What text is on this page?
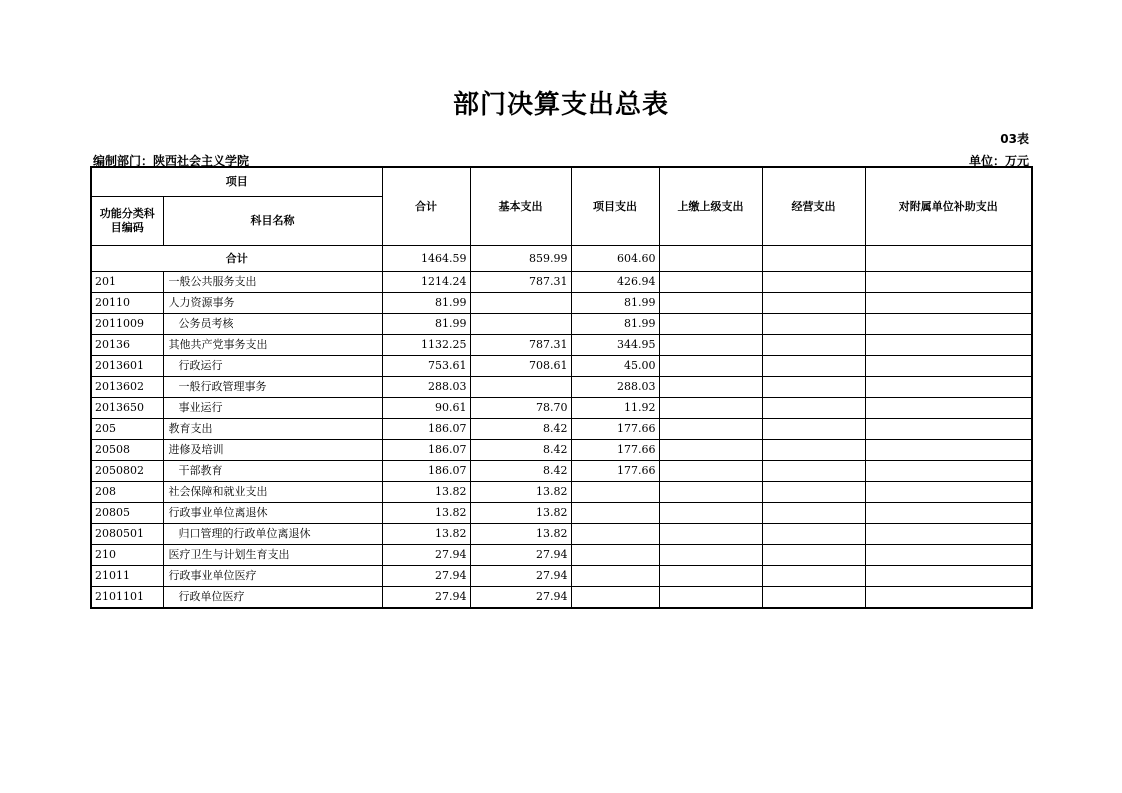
部门决算支出总表
03表
编制部门：陕西社会主义学院	单位：万元
项目		合计	基本支出	项目支出	上缴上级支出	经营支出	对附属单位补助支出
功能分类科目编码	科目名称						
合计		1464.59	859.99	604.60			
201	一般公共服务支出	1214.24	787.31	426.94			
20110	人力资源事务	81.99		81.99			
2011009	公务员考核	81.99		81.99			
20136	其他共产党事务支出	1132.25	787.31	344.95			
2013601	行政运行	753.61	708.61	45.00			
2013602	一般行政管理事务	288.03		288.03			
2013650	事业运行	90.61	78.70	11.92			
205	教育支出	186.07	8.42	177.66			
20508	进修及培训	186.07	8.42	177.66			
2050802	干部教育	186.07	8.42	177.66			
208	社会保障和就业支出	13.82	13.82				
20805	行政事业单位离退休	13.82	13.82				
2080501	归口管理的行政单位离退休	13.82	13.82				
210	医疗卫生与计划生育支出	27.94	27.94				
21011	行政事业单位医疗	27.94	27.94				
2101101	行政单位医疗	27.94	27.94				
